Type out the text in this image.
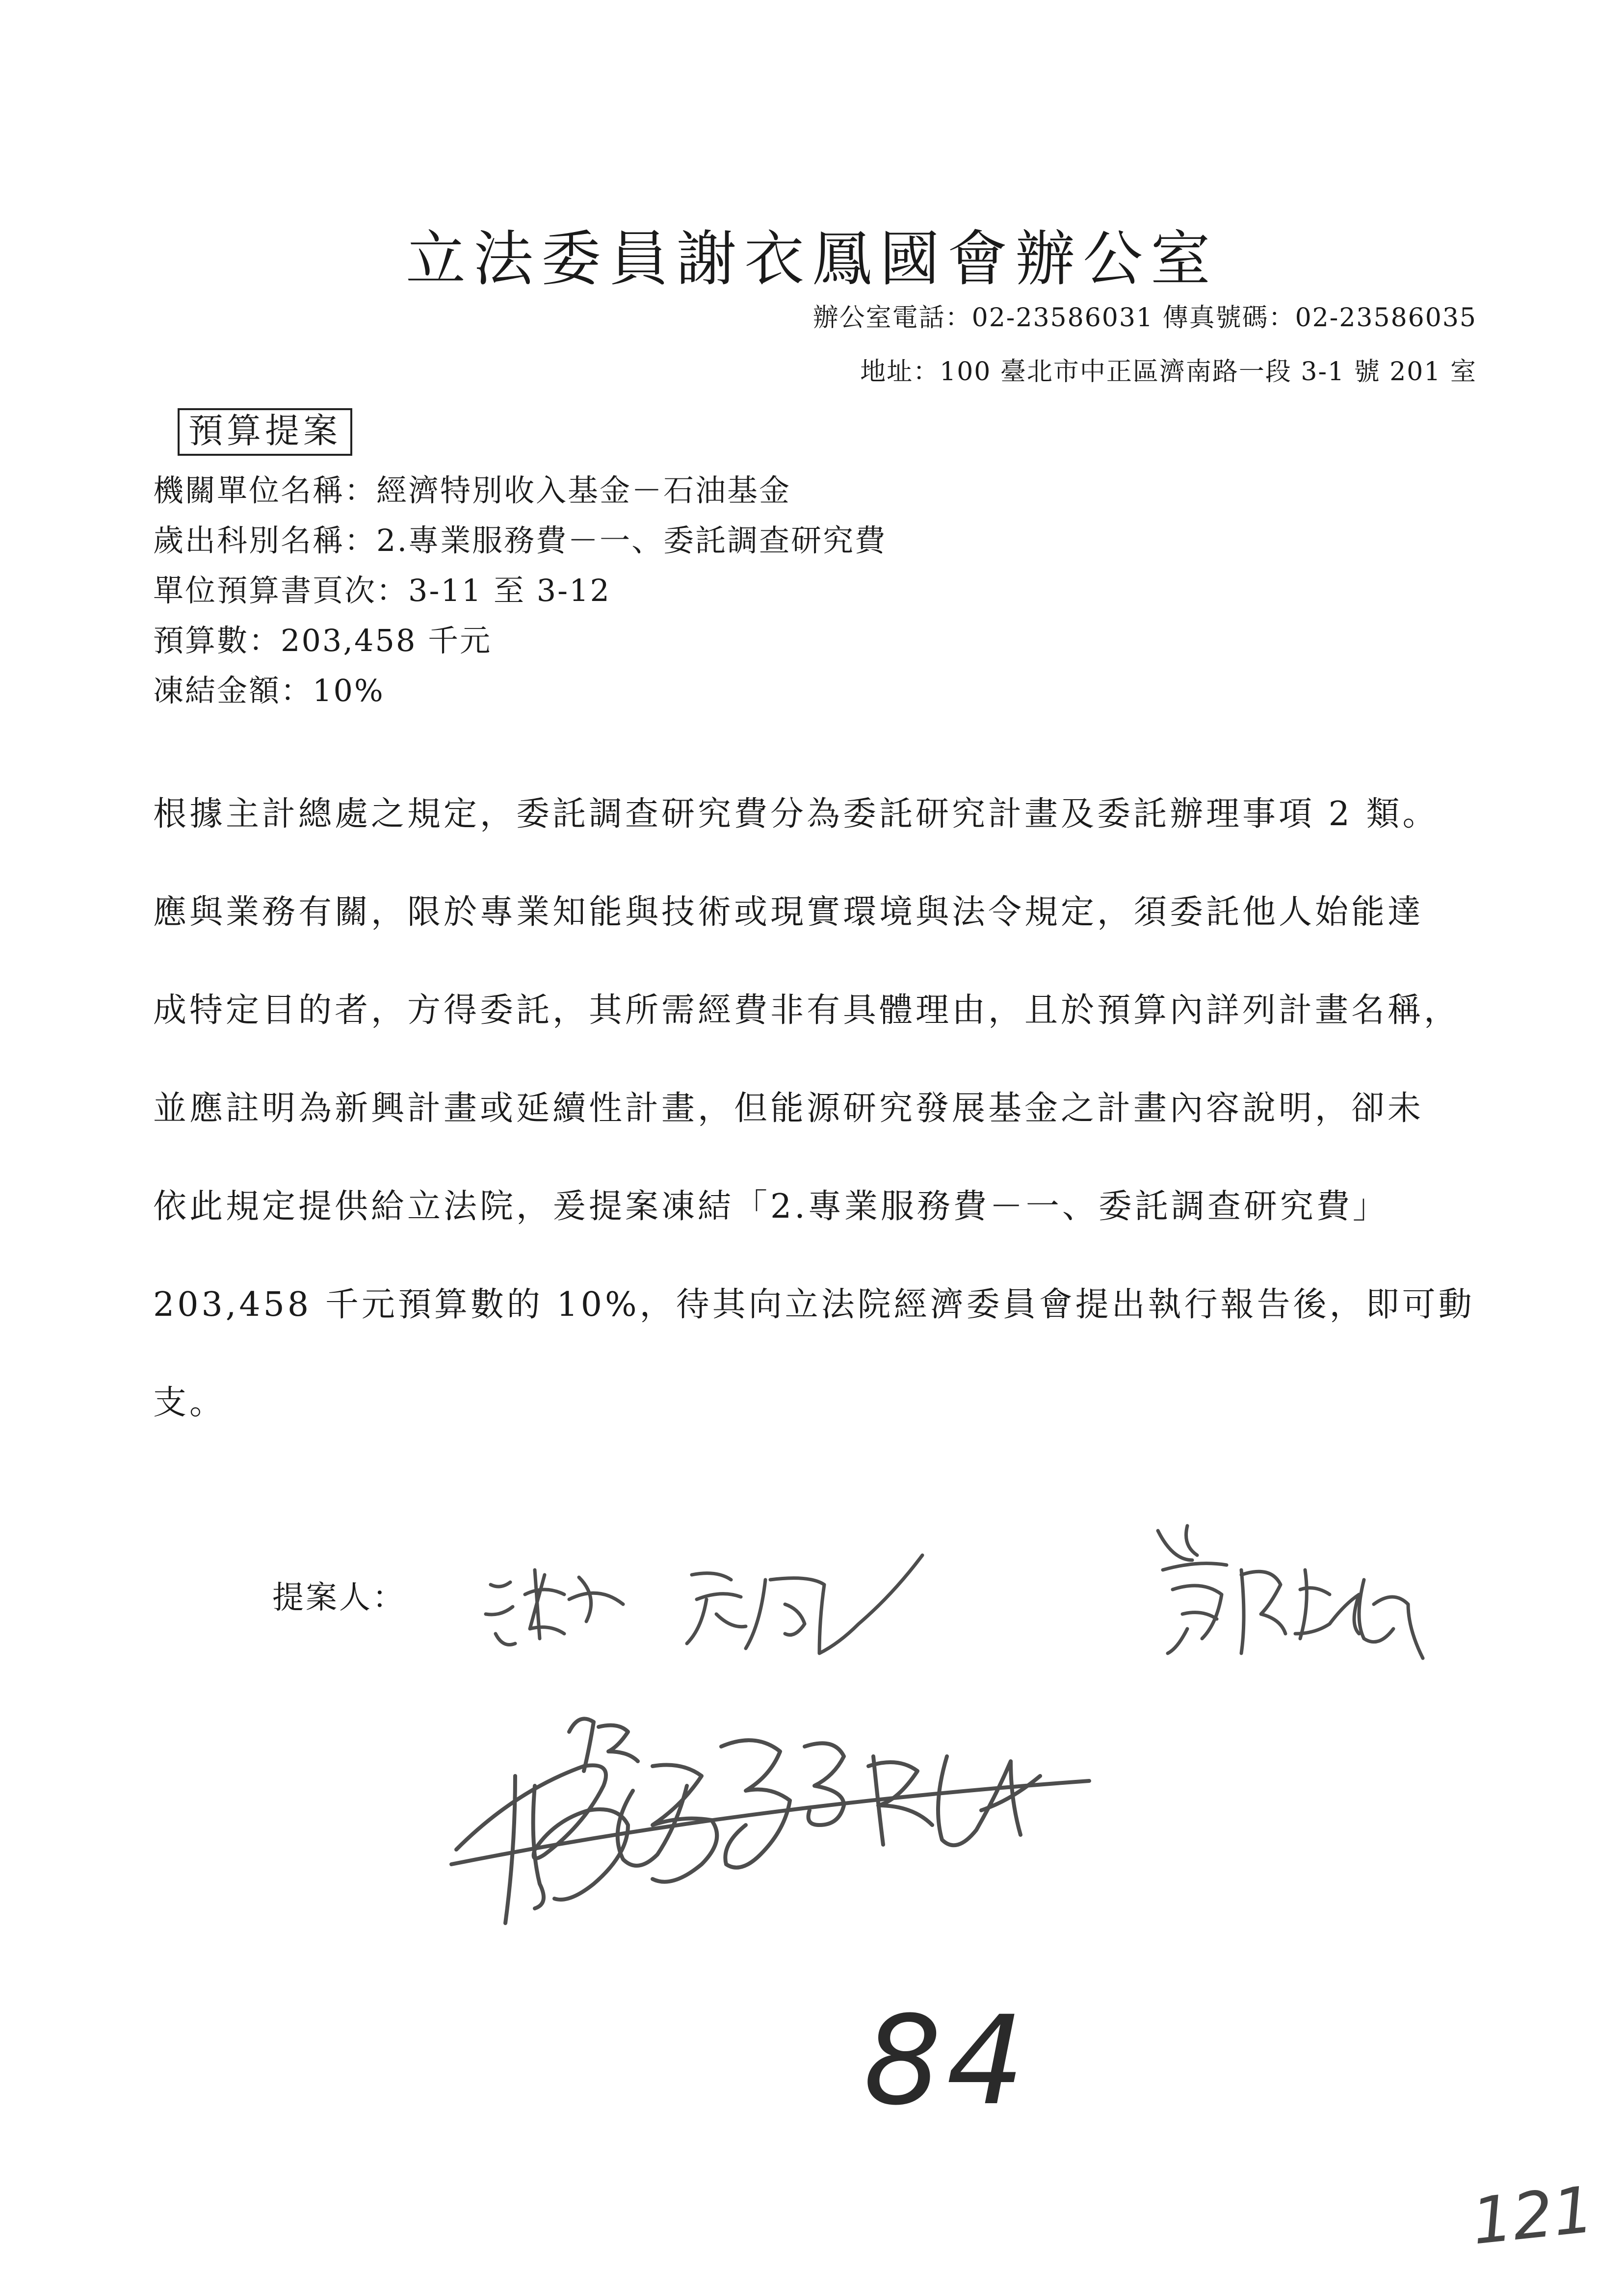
立法委員謝衣鳳國會辦公室
辦公室電話：02-23586031 傳真號碼：02-23586035
地址：100 臺北市中正區濟南路一段 3-1 號 201 室
預算提案
機關單位名稱：經濟特別收入基金－石油基金
歲出科別名稱：2.專業服務費－一、委託調查研究費
單位預算書頁次：3-11 至 3-12
預算數：203,458 千元
凍結金額：10%
根據主計總處之規定，委託調查研究費分為委託研究計畫及委託辦理事項 2 類。
應與業務有關，限於專業知能與技術或現實環境與法令規定，須委託他人始能達
成特定目的者，方得委託，其所需經費非有具體理由，且於預算內詳列計畫名稱，
並應註明為新興計畫或延續性計畫，但能源研究發展基金之計畫內容說明，卻未
依此規定提供給立法院，爰提案凍結「2.專業服務費－一、委託調查研究費」
203,458 千元預算數的 10%，待其向立法院經濟委員會提出執行報告後，即可動
支。
提案人：
84
121
